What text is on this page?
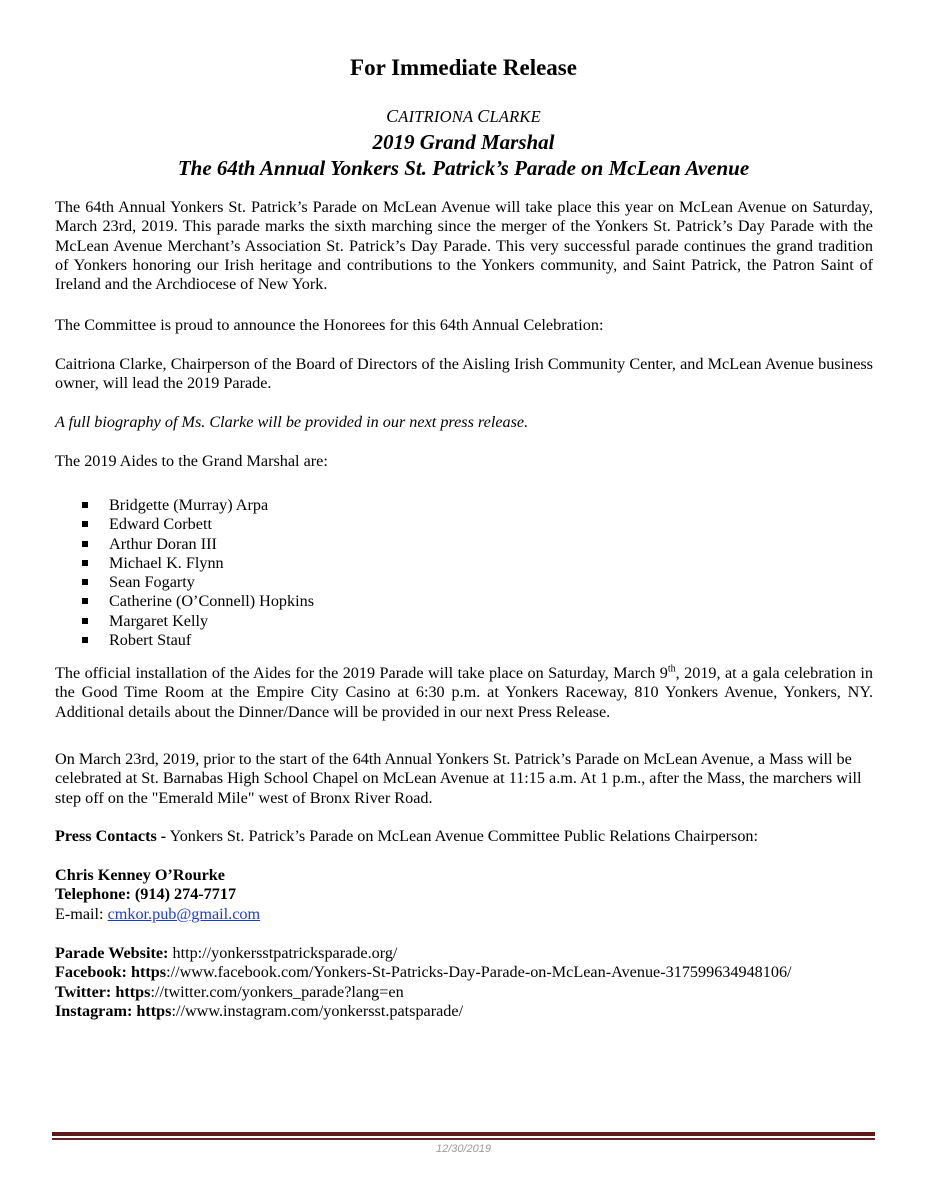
For Immediate Release
CAITRIONA CLARKE
2019 Grand Marshal
The 64th Annual Yonkers St. Patrick’s Parade on McLean Avenue

The 64th Annual Yonkers St. Patrick’s Parade on McLean Avenue will take place this year on McLean Avenue on Saturday, March 23rd, 2019. This parade marks the sixth marching since the merger of the Yonkers St. Patrick’s Day Parade with the McLean Avenue Merchant’s Association St. Patrick’s Day Parade. This very successful parade continues the grand tradition of Yonkers honoring our Irish heritage and contributions to the Yonkers community, and Saint Patrick, the Patron Saint of Ireland and the Archdiocese of New York.

The Committee is proud to announce the Honorees for this 64th Annual Celebration:

Caitriona Clarke, Chairperson of the Board of Directors of the Aisling Irish Community Center, and McLean Avenue business owner, will lead the 2019 Parade.

A full biography of Ms. Clarke will be provided in our next press release.

The 2019 Aides to the Grand Marshal are:

Bridgette (Murray) Arpa
Edward Corbett
Arthur Doran III
Michael K. Flynn
Sean Fogarty
Catherine (O’Connell) Hopkins
Margaret Kelly
Robert Stauf

The official installation of the Aides for the 2019 Parade will take place on Saturday, March 9th, 2019, at a gala celebration in the Good Time Room at the Empire City Casino at 6:30 p.m. at Yonkers Raceway, 810 Yonkers Avenue, Yonkers, NY. Additional details about the Dinner/Dance will be provided in our next Press Release.

On March 23rd, 2019, prior to the start of the 64th Annual Yonkers St. Patrick’s Parade on McLean Avenue, a Mass will be celebrated at St. Barnabas High School Chapel on McLean Avenue at 11:15 a.m. At 1 p.m., after the Mass, the marchers will step off on the "Emerald Mile" west of Bronx River Road.

Press Contacts - Yonkers St. Patrick’s Parade on McLean Avenue Committee Public Relations Chairperson:

Chris Kenney O’Rourke
Telephone: (914) 274-7717
E-mail: cmkor.pub@gmail.com
Parade Website: http://yonkersstpatricksparade.org/
Facebook: https://www.facebook.com/Yonkers-St-Patricks-Day-Parade-on-McLean-Avenue-317599634948106/
Twitter: https://twitter.com/yonkers_parade?lang=en
Instagram: https://www.instagram.com/yonkersst.patsparade/
12/30/2019
